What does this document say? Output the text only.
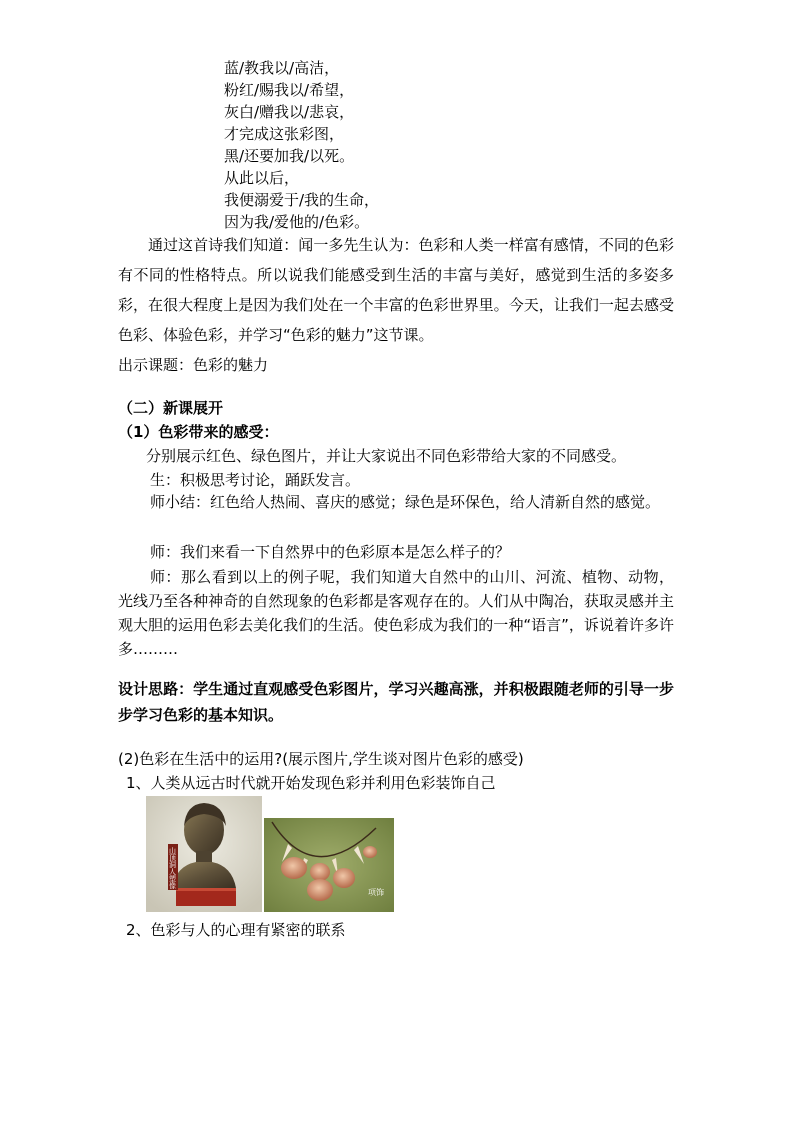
蓝/教我以/高洁，
粉红/赐我以/希望，
灰白/赠我以/悲哀，
才完成这张彩图，
黑/还要加我/以死。
从此以后，
我便溺爱于/我的生命，
因为我/爱他的/色彩。
通过这首诗我们知道：闻一多先生认为：色彩和人类一样富有感情，不同的色彩有不同的性格特点。所以说我们能感受到生活的丰富与美好，感觉到生活的多姿多彩，在很大程度上是因为我们处在一个丰富的色彩世界里。今天，让我们一起去感受色彩、体验色彩，并学习“色彩的魅力”这节课。
出示课题：色彩的魅力
（二）新课展开
（1）色彩带来的感受：
分别展示红色、绿色图片，并让大家说出不同色彩带给大家的不同感受。
生：积极思考讨论，踊跃发言。
师小结：红色给人热闹、喜庆的感觉；绿色是环保色，给人清新自然的感觉。
师：我们来看一下自然界中的色彩原本是怎么样子的？
师：那么看到以上的例子呢，我们知道大自然中的山川、河流、植物、动物，光线乃至各种神奇的自然现象的色彩都是客观存在的。人们从中陶冶，获取灵感并主观大胆的运用色彩去美化我们的生活。使色彩成为我们的一种“语言”，诉说着许多许多………
设计思路：学生通过直观感受色彩图片，学习兴趣高涨，并积极跟随老师的引导一步步学习色彩的基本知识。
(2)色彩在生活中的运用?(展示图片,学生谈对图片色彩的感受)
1、人类从远古时代就开始发现色彩并利用色彩装饰自己
山顶洞人塑像
项饰
2、色彩与人的心理有紧密的联系
